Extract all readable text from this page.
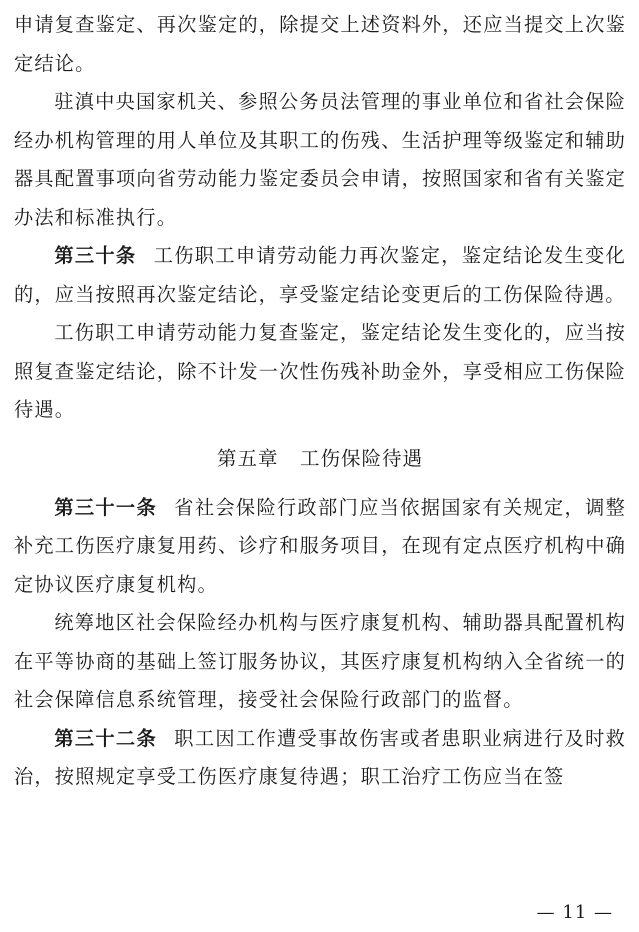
申请复查鉴定、再次鉴定的，除提交上述资料外，还应当提交上次鉴定结论。

驻滇中央国家机关、参照公务员法管理的事业单位和省社会保险经办机构管理的用人单位及其职工的伤残、生活护理等级鉴定和辅助器具配置事项向省劳动能力鉴定委员会申请，按照国家和省有关鉴定办法和标准执行。

第三十条 工伤职工申请劳动能力再次鉴定，鉴定结论发生变化的，应当按照再次鉴定结论，享受鉴定结论变更后的工伤保险待遇。

工伤职工申请劳动能力复查鉴定，鉴定结论发生变化的，应当按照复查鉴定结论，除不计发一次性伤残补助金外，享受相应工伤保险待遇。

第五章 工伤保险待遇

第三十一条 省社会保险行政部门应当依据国家有关规定，调整补充工伤医疗康复用药、诊疗和服务项目，在现有定点医疗机构中确定协议医疗康复机构。

统筹地区社会保险经办机构与医疗康复机构、辅助器具配置机构在平等协商的基础上签订服务协议，其医疗康复机构纳入全省统一的社会保障信息系统管理，接受社会保险行政部门的监督。

第三十二条 职工因工作遭受事故伤害或者患职业病进行及时救治，按照规定享受工伤医疗康复待遇；职工治疗工伤应当在签

— 11 —
